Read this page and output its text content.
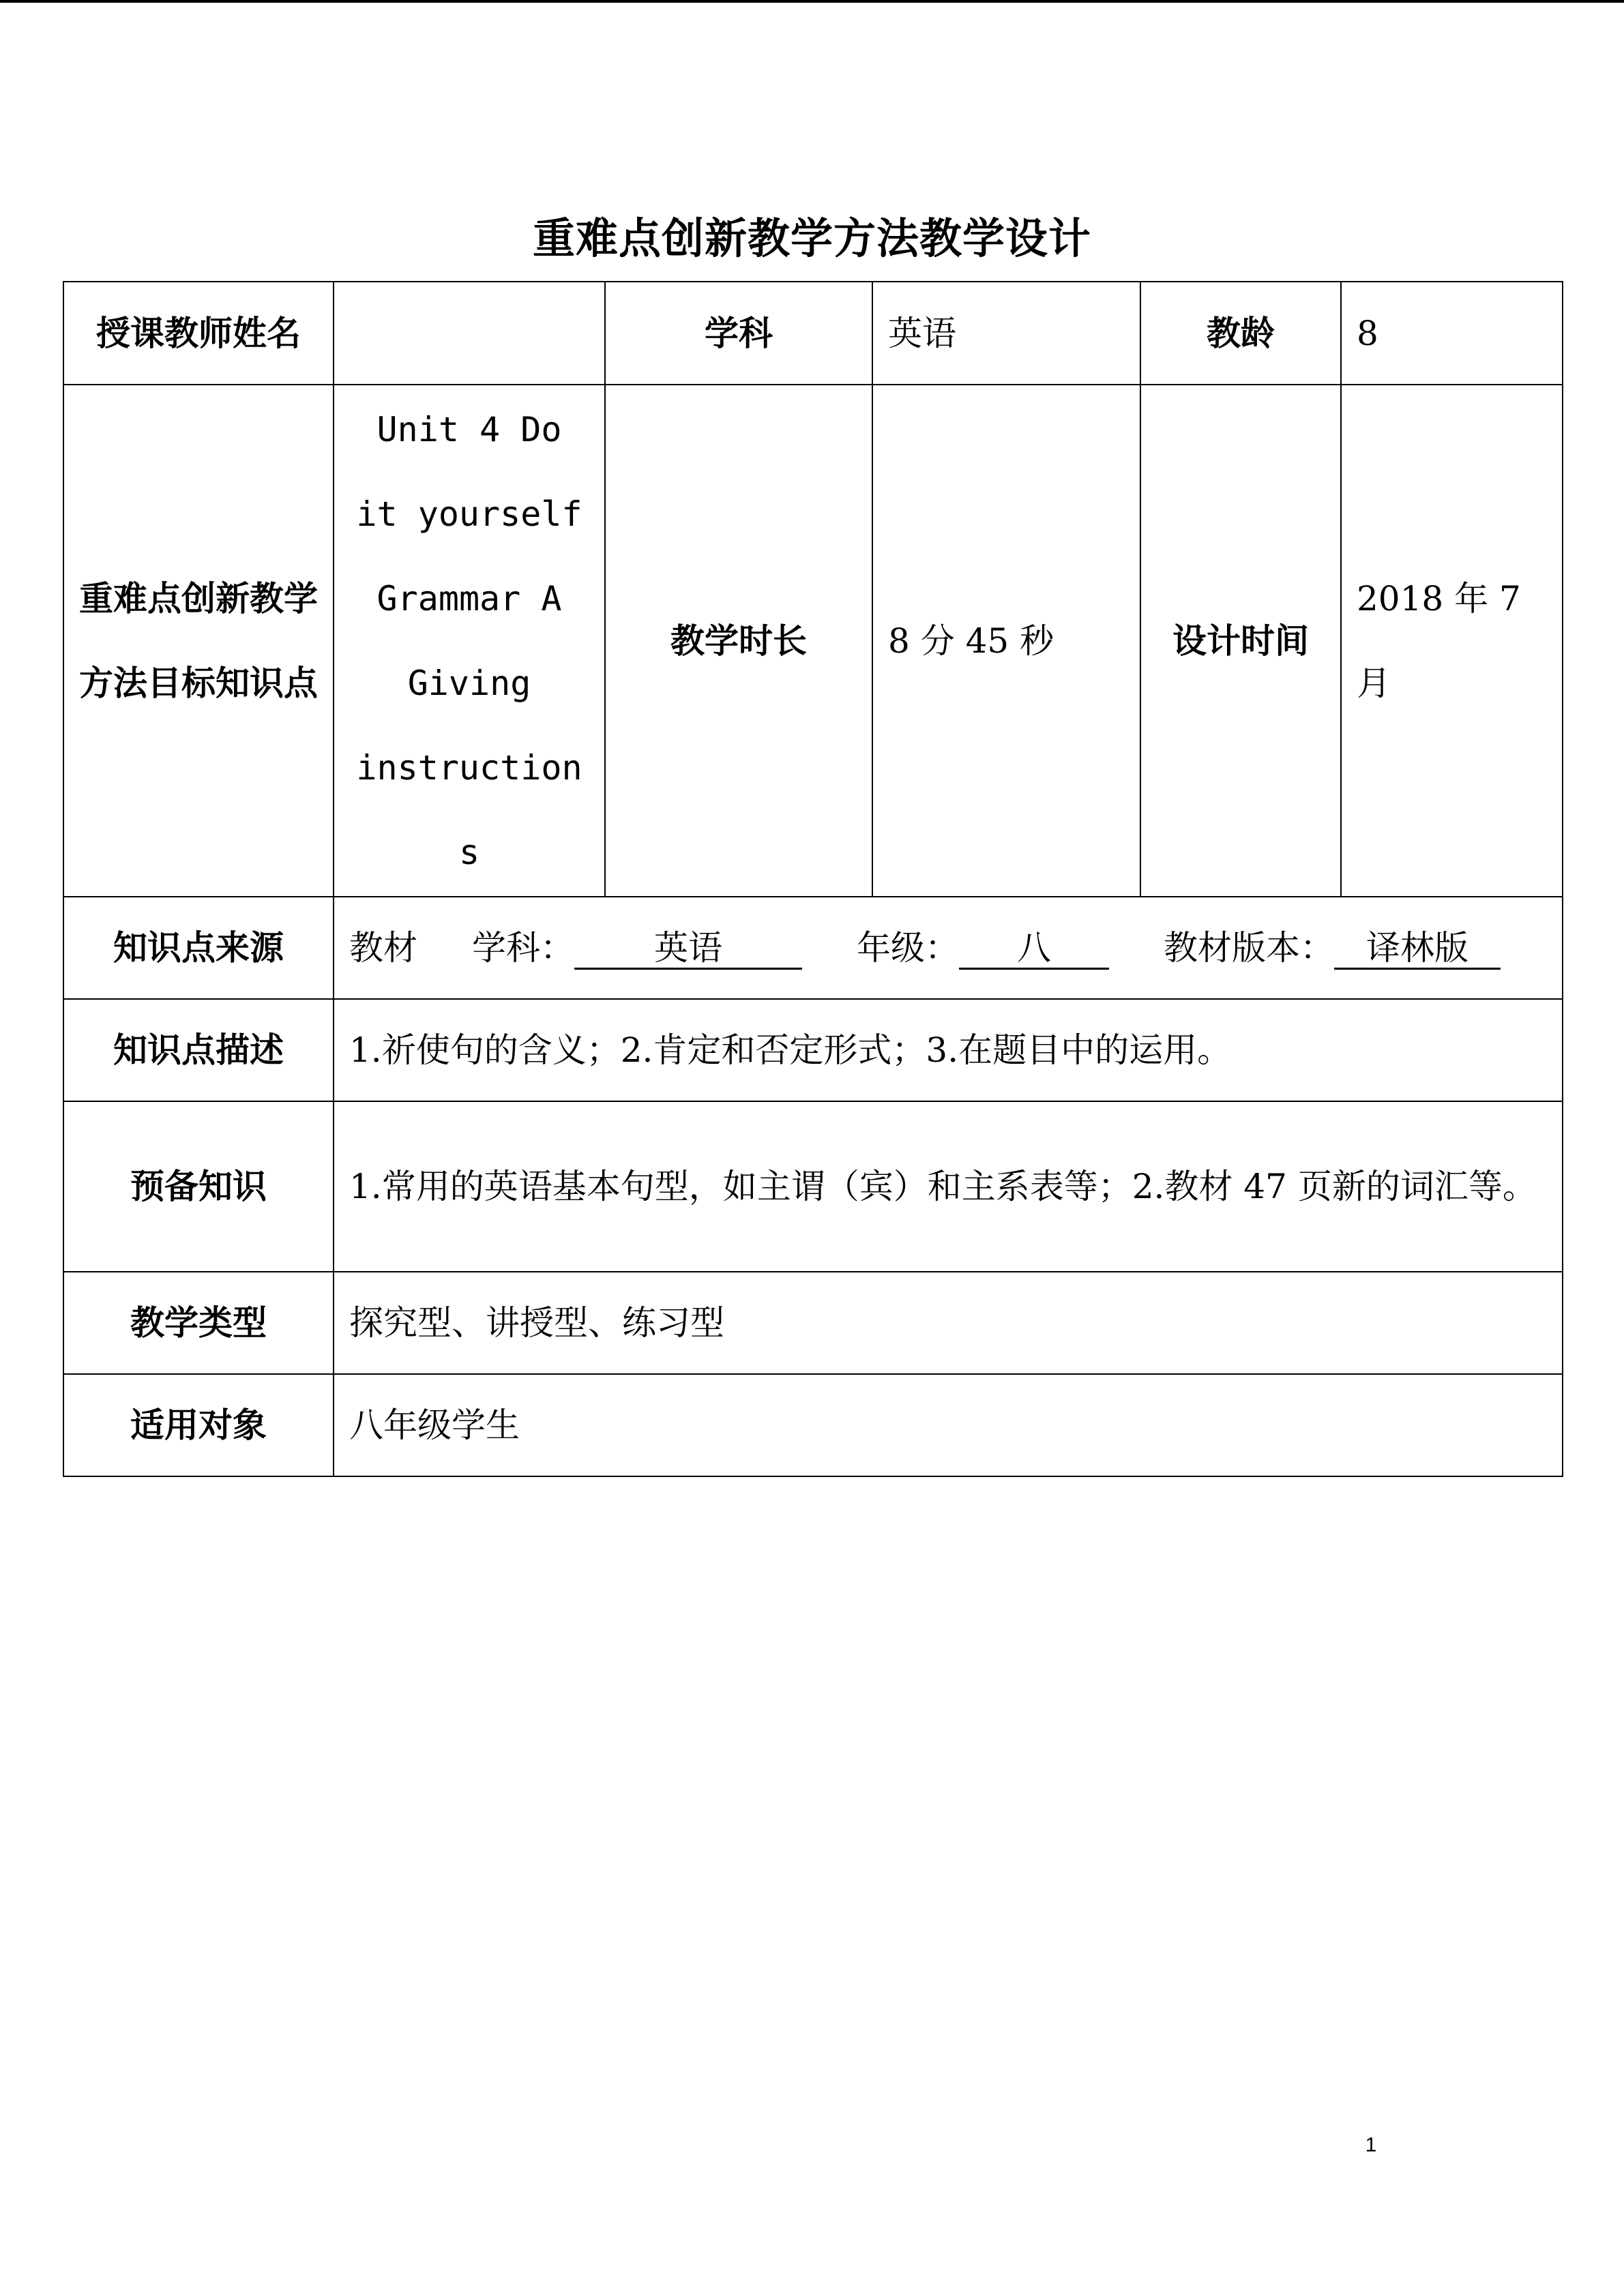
重难点创新教学方法教学设计
授课教师姓名		学科	英语	教龄	8
重难点创新教学方法目标知识点	Unit 4 Do it yourself Grammar A Giving instructions	教学时长	8 分 45 秒	设计时间	2018 年 7 月
知识点来源	教材 学科： 英语 年级： 八 教材版本： 译林版				
知识点描述	1.祈使句的含义；2.肯定和否定形式；3.在题目中的运用。				
预备知识	1.常用的英语基本句型，如主谓（宾）和主系表等；2.教材 47 页新的词汇等。				
教学类型	探究型、讲授型、练习型				
适用对象	八年级学生				
1
